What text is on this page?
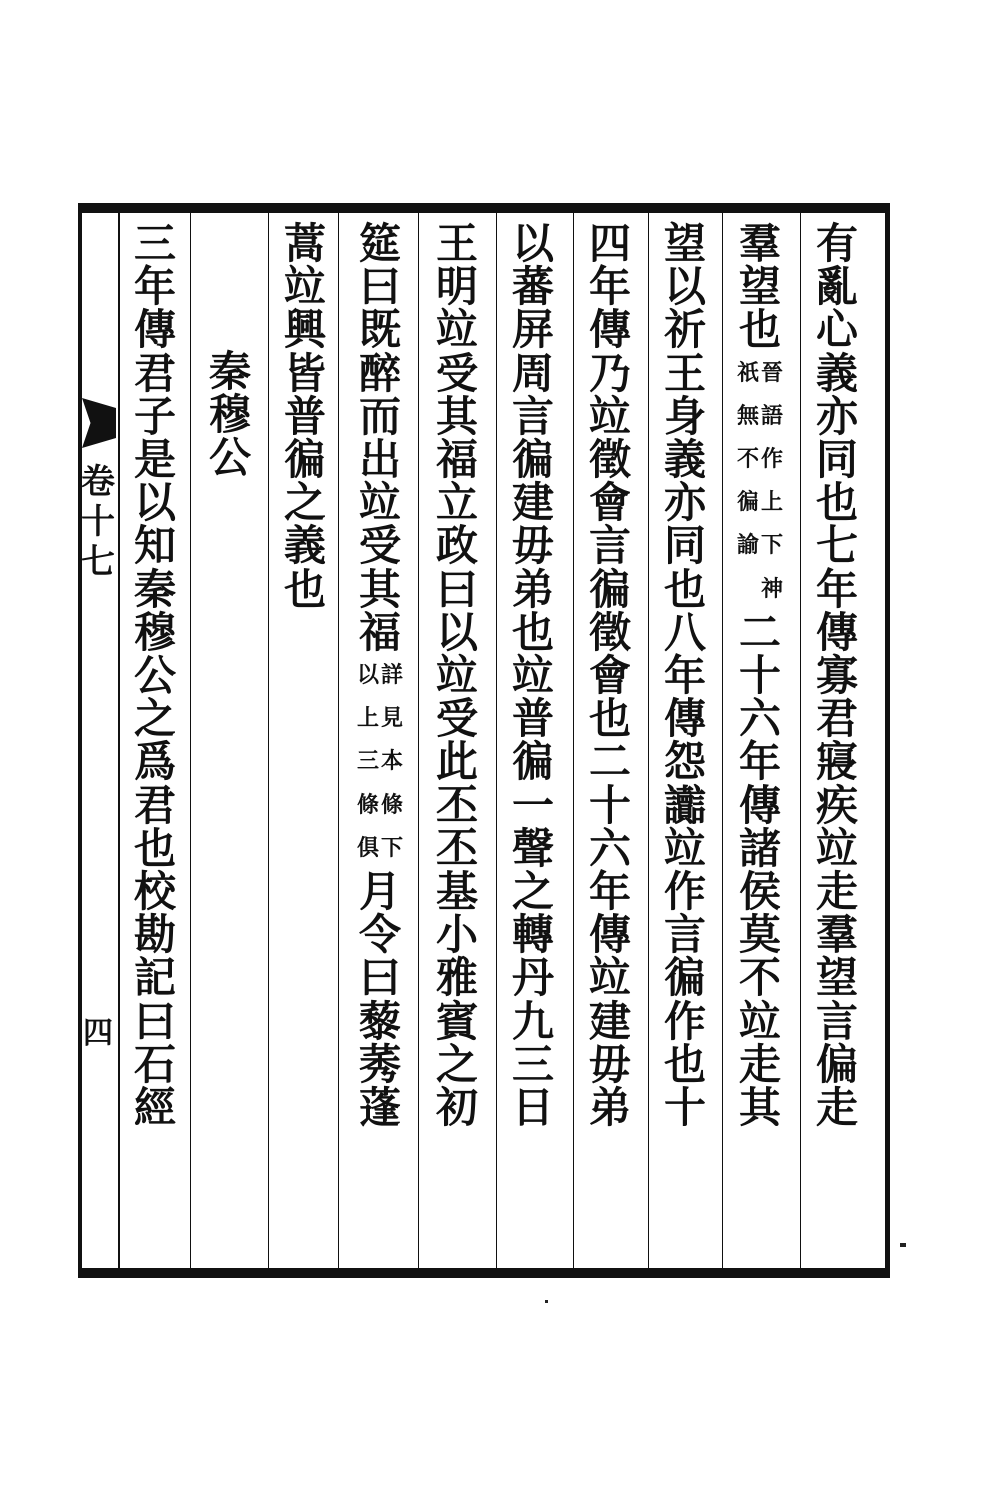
卷
十
七
四
有
亂
心
義
亦
同
也
七
年
傳
寡
君
寢
疾
竝
走
羣
望
言
偏
走
羣
望
也
祇 晉
無 語
不 作
徧 上
諭 下
神
二
十
六
年
傳
諸
侯
莫
不
竝
走
其
望
以
祈
王
身
義
亦
同
也
八
年
傳
怨
讟
竝
作
言
徧
作
也
十
四
年
傳
乃
竝
徵
會
言
徧
徵
會
也
二
十
六
年
傳
竝
建
毋
弟
以
蕃
屏
周
言
徧
建
毋
弟
也
竝
普
徧
一
聲
之
轉
丹
九
三
日
王
明
竝
受
其
福
立
政
曰
以
竝
受
此
丕
丕
基
小
雅
賓
之
初
筵
曰
既
醉
而
出
竝
受
其
福
以 詳
上 見
三 本
條 條
俱 下
月
令
曰
藜
莠
蓬
蒿
竝
興
皆
普
徧
之
義
也
秦
穆
公
三
年
傳
君
子
是
以
知
秦
穆
公
之
爲
君
也
校
勘
記
曰
石
經
